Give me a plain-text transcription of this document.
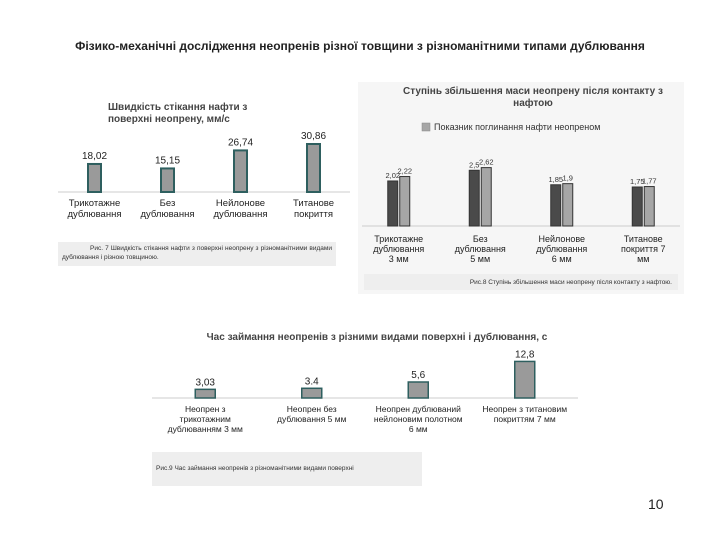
Фізико-механічні дослідження неопренів різної товщини з різноманітними типами дублювання
Швидкість стікання нафти з поверхні неопрену, мм/с
18,02
Трикотажне дублювання
15,15
Без дублювання
26,74
Нейлонове дублювання
30,86
Титанове покриття
Рис. 7 Швидкість стікання нафти з поверхні неопрену з різноманітними видами дублювання і різною товщиною.
Ступінь збільшення маси неопрену після контакту з нафтою
Показник поглинання нафти неопреном
2,02
2,22
Трикотажне дублювання 3 мм
2,5 2,62
Без дублювання 5 мм
1,85 1,9
Нейлонове дублювання 6 мм
1,75
1,77
Титанове покриття 7 мм
Рис.8 Ступінь збільшення маси неопрену після контакту з нафтою.
Час займання неопренів з різними видами поверхні і дублювання, с
3,03
Неопрен з трикотажним дублюванням 3 мм
3.4
Неопрен без дублювання 5 мм
5,6
Неопрен дублюваний нейлоновим полотном 6 мм
12,8
Неопрен з титановим покриттям 7 мм
Рис.9 Час займання неопренів з різноманітними видами поверхні
10
